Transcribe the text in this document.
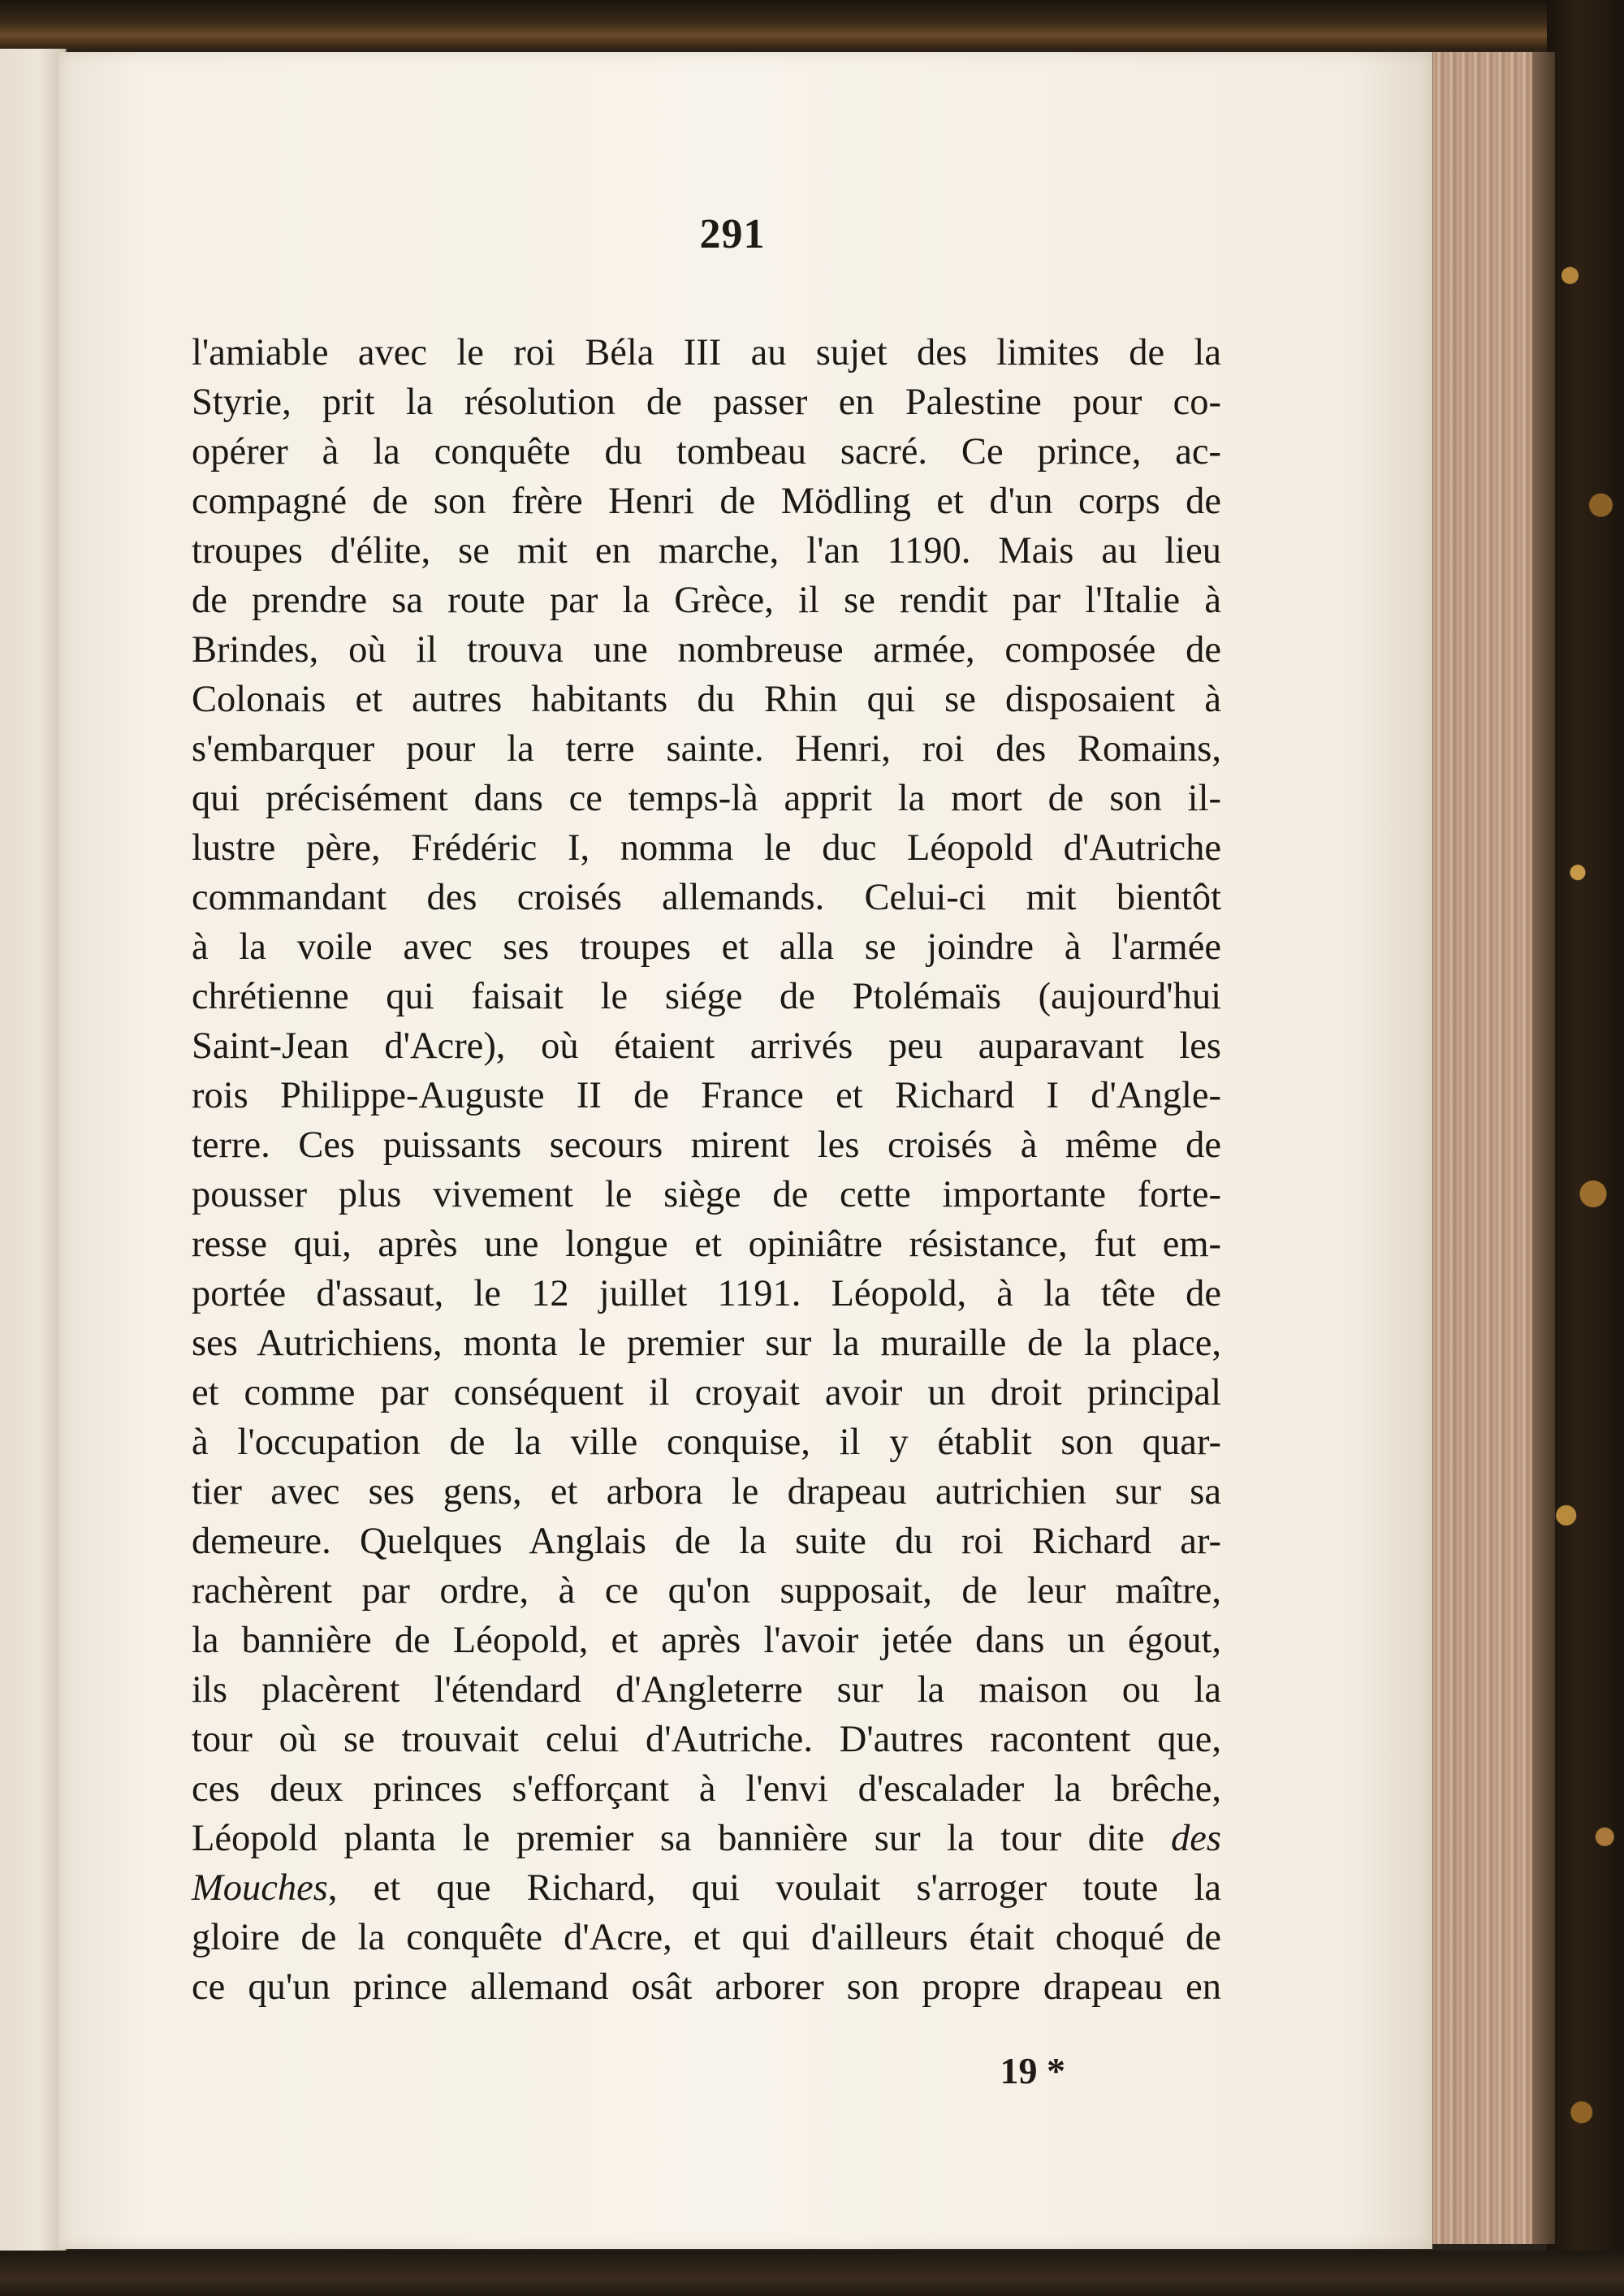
291
l'amiable avec le roi Béla III au sujet des limites de la
Styrie, prit la résolution de passer en Palestine pour co-
opérer à la conquête du tombeau sacré. Ce prince, ac-
compagné de son frère Henri de Mödling et d'un corps de
troupes d'élite, se mit en marche, l'an 1190. Mais au lieu
de prendre sa route par la Grèce, il se rendit par l'Italie à
Brindes, où il trouva une nombreuse armée, composée de
Colonais et autres habitants du Rhin qui se disposaient à
s'embarquer pour la terre sainte. Henri, roi des Romains,
qui précisément dans ce temps-là apprit la mort de son il-
lustre père, Frédéric I, nomma le duc Léopold d'Autriche
commandant des croisés allemands. Celui-ci mit bientôt
à la voile avec ses troupes et alla se joindre à l'armée
chrétienne qui faisait le siége de Ptolémaïs (aujourd'hui
Saint-Jean d'Acre), où étaient arrivés peu auparavant les
rois Philippe-Auguste II de France et Richard I d'Angle-
terre. Ces puissants secours mirent les croisés à même de
pousser plus vivement le siège de cette importante forte-
resse qui, après une longue et opiniâtre résistance, fut em-
portée d'assaut, le 12 juillet 1191. Léopold, à la tête de
ses Autrichiens, monta le premier sur la muraille de la place,
et comme par conséquent il croyait avoir un droit principal
à l'occupation de la ville conquise, il y établit son quar-
tier avec ses gens, et arbora le drapeau autrichien sur sa
demeure. Quelques Anglais de la suite du roi Richard ar-
rachèrent par ordre, à ce qu'on supposait, de leur maître,
la bannière de Léopold, et après l'avoir jetée dans un égout,
ils placèrent l'étendard d'Angleterre sur la maison ou la
tour où se trouvait celui d'Autriche. D'autres racontent que,
ces deux princes s'efforçant à l'envi d'escalader la brêche,
Léopold planta le premier sa bannière sur la tour dite des
Mouches, et que Richard, qui voulait s'arroger toute la
gloire de la conquête d'Acre, et qui d'ailleurs était choqué de
ce qu'un prince allemand osât arborer son propre drapeau en
19 *
